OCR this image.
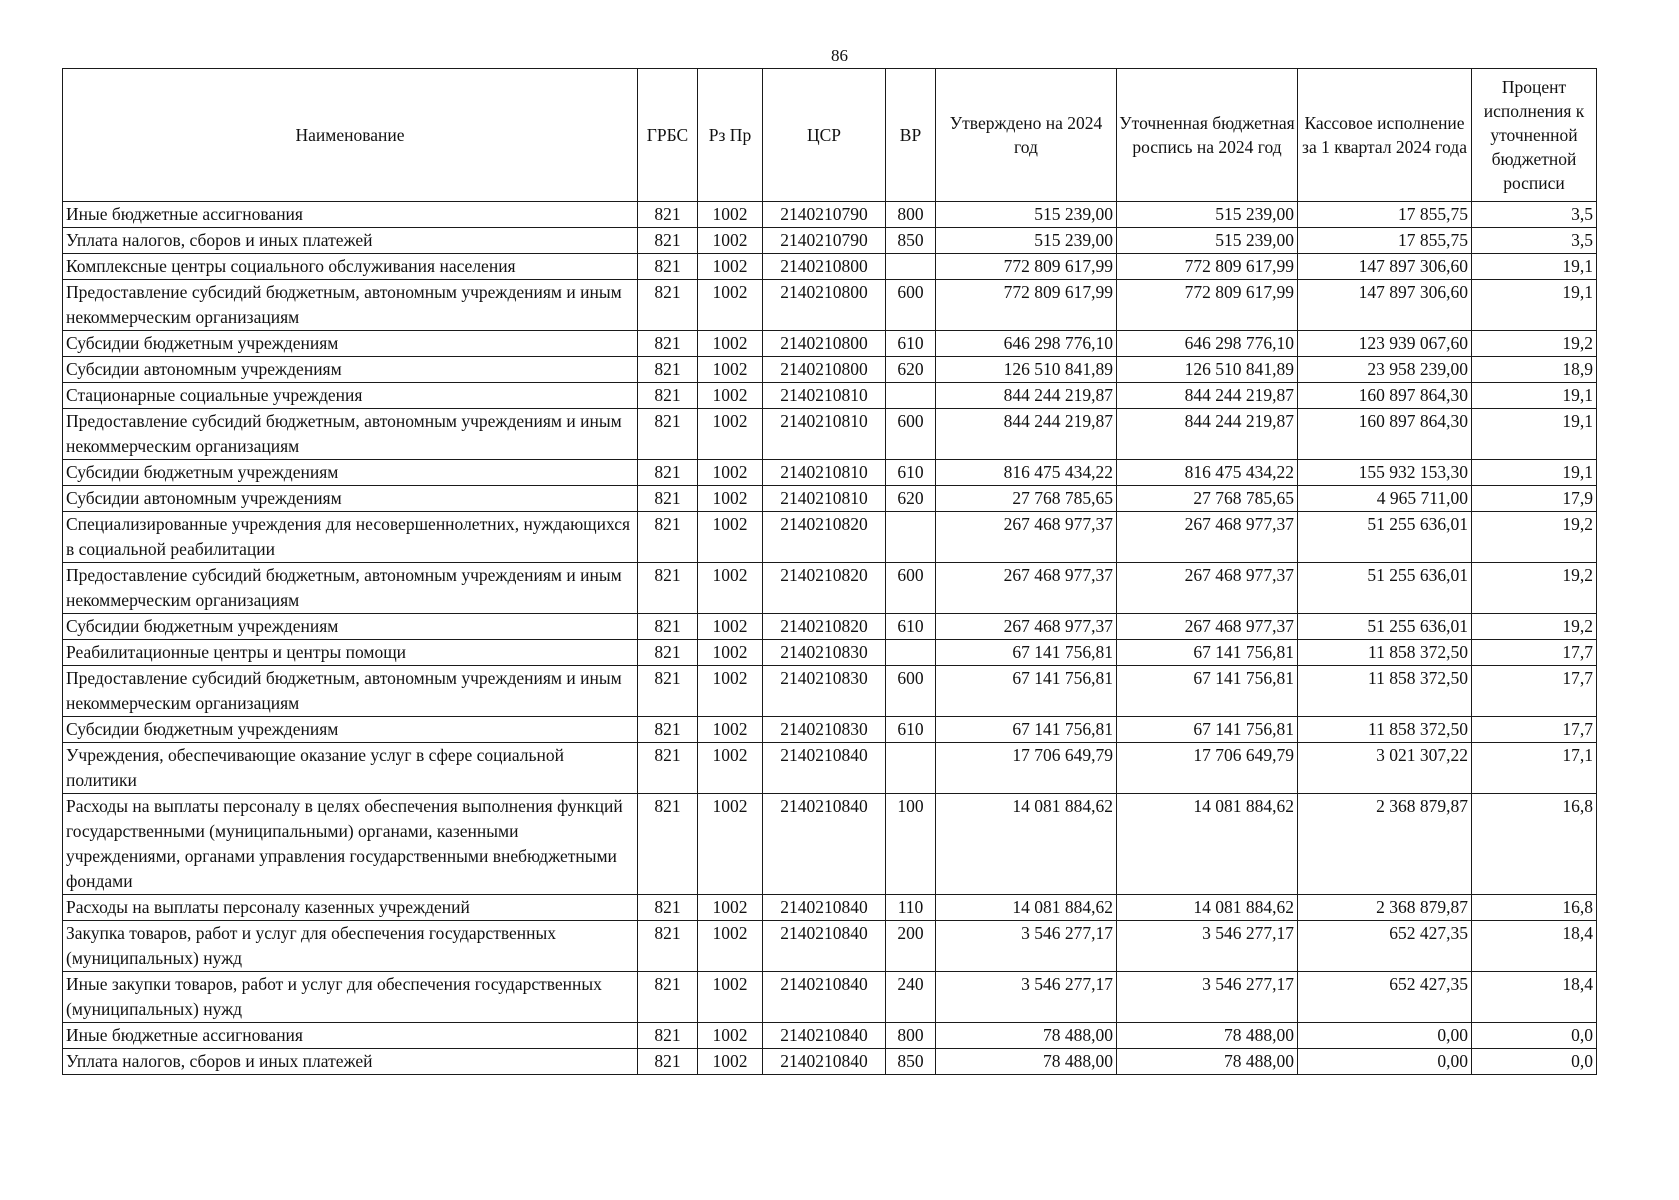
86
Наименование	ГРБС	Рз Пр	ЦСР	ВР	Утверждено на 2024 год	Уточненная бюджетная роспись на 2024 год	Кассовое исполнение за 1 квартал 2024 года	Процент исполнения к уточненной бюджетной росписи
Иные бюджетные ассигнования	821	1002	2140210790	800	515 239,00	515 239,00	17 855,75	3,5
Уплата налогов, сборов и иных платежей	821	1002	2140210790	850	515 239,00	515 239,00	17 855,75	3,5
Комплексные центры социального обслуживания населения	821	1002	2140210800		772 809 617,99	772 809 617,99	147 897 306,60	19,1
Предоставление субсидий бюджетным, автономным учреждениям и иным некоммерческим организациям	821	1002	2140210800	600	772 809 617,99	772 809 617,99	147 897 306,60	19,1
Субсидии бюджетным учреждениям	821	1002	2140210800	610	646 298 776,10	646 298 776,10	123 939 067,60	19,2
Субсидии автономным учреждениям	821	1002	2140210800	620	126 510 841,89	126 510 841,89	23 958 239,00	18,9
Стационарные социальные учреждения	821	1002	2140210810		844 244 219,87	844 244 219,87	160 897 864,30	19,1
Предоставление субсидий бюджетным, автономным учреждениям и иным некоммерческим организациям	821	1002	2140210810	600	844 244 219,87	844 244 219,87	160 897 864,30	19,1
Субсидии бюджетным учреждениям	821	1002	2140210810	610	816 475 434,22	816 475 434,22	155 932 153,30	19,1
Субсидии автономным учреждениям	821	1002	2140210810	620	27 768 785,65	27 768 785,65	4 965 711,00	17,9
Специализированные учреждения для несовершеннолетних, нуждающихся в социальной реабилитации	821	1002	2140210820		267 468 977,37	267 468 977,37	51 255 636,01	19,2
Предоставление субсидий бюджетным, автономным учреждениям и иным некоммерческим организациям	821	1002	2140210820	600	267 468 977,37	267 468 977,37	51 255 636,01	19,2
Субсидии бюджетным учреждениям	821	1002	2140210820	610	267 468 977,37	267 468 977,37	51 255 636,01	19,2
Реабилитационные центры и центры помощи	821	1002	2140210830		67 141 756,81	67 141 756,81	11 858 372,50	17,7
Предоставление субсидий бюджетным, автономным учреждениям и иным некоммерческим организациям	821	1002	2140210830	600	67 141 756,81	67 141 756,81	11 858 372,50	17,7
Субсидии бюджетным учреждениям	821	1002	2140210830	610	67 141 756,81	67 141 756,81	11 858 372,50	17,7
Учреждения, обеспечивающие оказание услуг в сфере социальной политики	821	1002	2140210840		17 706 649,79	17 706 649,79	3 021 307,22	17,1
Расходы на выплаты персоналу в целях обеспечения выполнения функций государственными (муниципальными) органами, казенными учреждениями, органами управления государственными внебюджетными фондами	821	1002	2140210840	100	14 081 884,62	14 081 884,62	2 368 879,87	16,8
Расходы на выплаты персоналу казенных учреждений	821	1002	2140210840	110	14 081 884,62	14 081 884,62	2 368 879,87	16,8
Закупка товаров, работ и услуг для обеспечения государственных (муниципальных) нужд	821	1002	2140210840	200	3 546 277,17	3 546 277,17	652 427,35	18,4
Иные закупки товаров, работ и услуг для обеспечения государственных (муниципальных) нужд	821	1002	2140210840	240	3 546 277,17	3 546 277,17	652 427,35	18,4
Иные бюджетные ассигнования	821	1002	2140210840	800	78 488,00	78 488,00	0,00	0,0
Уплата налогов, сборов и иных платежей	821	1002	2140210840	850	78 488,00	78 488,00	0,00	0,0
